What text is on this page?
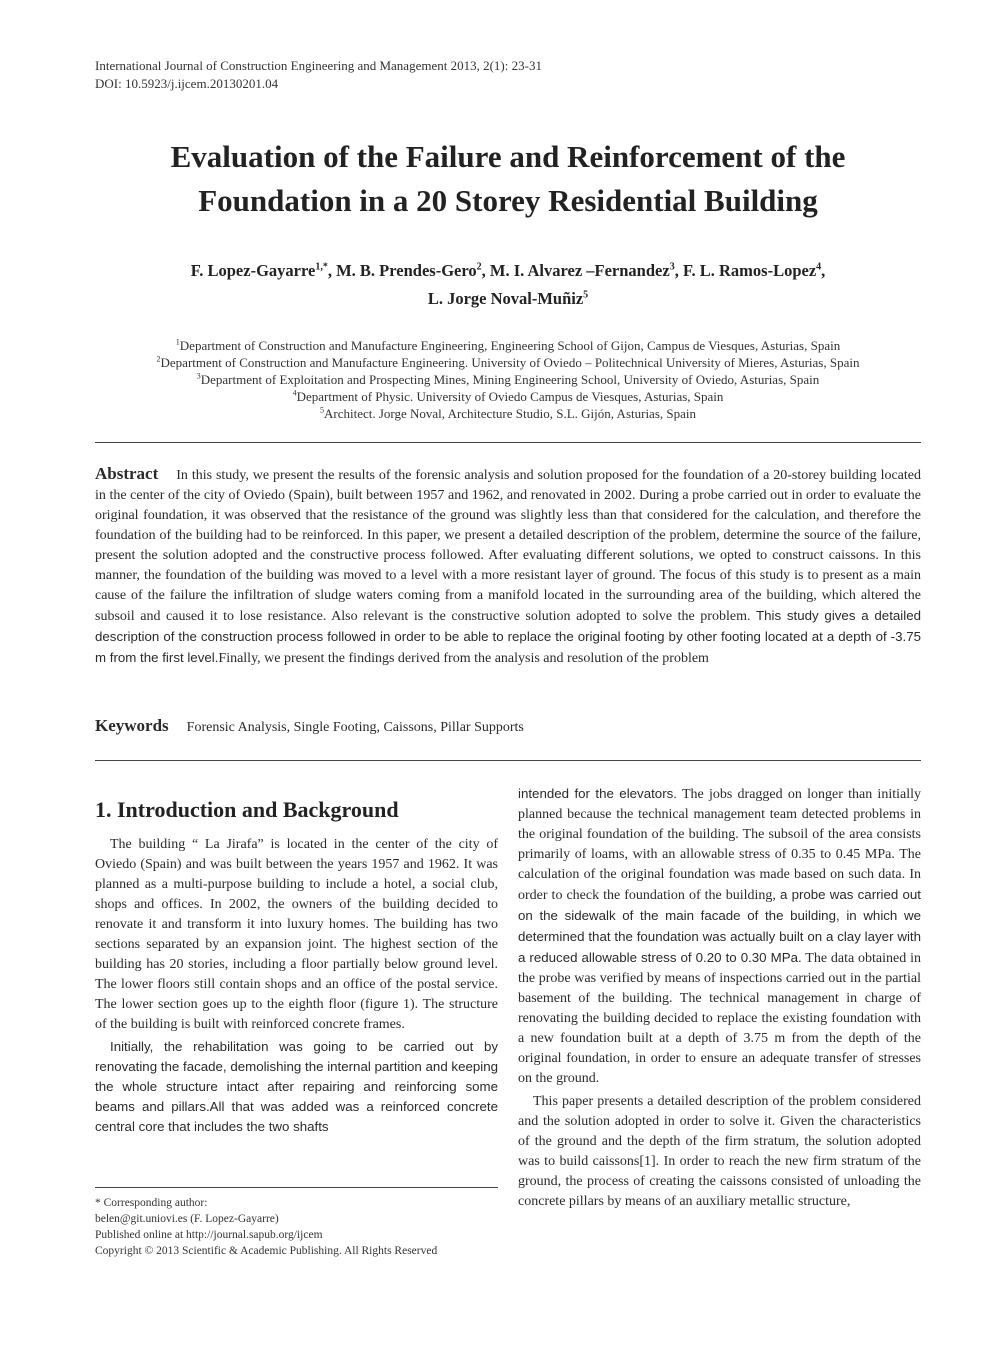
International Journal of Construction Engineering and Management 2013, 2(1): 23-31
DOI: 10.5923/j.ijcem.20130201.04
Evaluation of the Failure and Reinforcement of the
Foundation in a 20 Storey Residential Building
F. Lopez-Gayarre$^{1,*}$, M. B. Prendes-Gero$^2$, M. I. Alvarez –Fernandez$^3$, F. L. Ramos-Lopez$^4$,
L. Jorge Noval-Muñiz$^5$
$^1$Department of Construction and Manufacture Engineering, Engineering School of Gijon, Campus de Viesques, Asturias, Spain
$^2$Department of Construction and Manufacture Engineering. University of Oviedo – Politechnical University of Mieres, Asturias, Spain
$^3$Department of Exploitation and Prospecting Mines, Mining Engineering School, University of Oviedo, Asturias, Spain
$^4$Department of Physic. University of Oviedo Campus de Viesques, Asturias, Spain
$^5$Architect. Jorge Noval, Architecture Studio, S.L. Gijón, Asturias, Spain
Abstract In this study, we present the results of the forensic analysis and solution proposed for the foundation of a 20-storey building located in the center of the city of Oviedo (Spain), built between 1957 and 1962, and renovated in 2002. During a probe carried out in order to evaluate the original foundation, it was observed that the resistance of the ground was slightly less than that considered for the calculation, and therefore the foundation of the building had to be reinforced. In this paper, we present a detailed description of the problem, determine the source of the failure, present the solution adopted and the constructive process followed. After evaluating different solutions, we opted to construct caissons. In this manner, the foundation of the building was moved to a level with a more resistant layer of ground. The focus of this study is to present as a main cause of the failure the infiltration of sludge waters coming from a manifold located in the surrounding area of the building, which altered the subsoil and caused it to lose resistance. Also relevant is the constructive solution adopted to solve the problem. This study gives a detailed description of the construction process followed in order to be able to replace the original footing by other footing located at a depth of -3.75 m from the first level.Finally, we present the findings derived from the analysis and resolution of the problem
Keywords Forensic Analysis, Single Footing, Caissons, Pillar Supports
1. Introduction and Background

The building “ La Jirafa” is located in the center of the city of Oviedo (Spain) and was built between the years 1957 and 1962. It was planned as a multi-purpose building to include a hotel, a social club, shops and offices. In 2002, the owners of the building decided to renovate it and transform it into luxury homes. The building has two sections separated by an expansion joint. The highest section of the building has 20 stories, including a floor partially below ground level. The lower floors still contain shops and an office of the postal service. The lower section goes up to the eighth floor (figure 1). The structure of the building is built with reinforced concrete frames.

Initially, the rehabilitation was going to be carried out by renovating the facade, demolishing the internal partition and keeping the whole structure intact after repairing and reinforcing some beams and pillars.All that was added was a reinforced concrete central core that includes the two shafts

intended for the elevators. The jobs dragged on longer than initially planned because the technical management team detected problems in the original foundation of the building. The subsoil of the area consists primarily of loams, with an allowable stress of 0.35 to 0.45 MPa. The calculation of the original foundation was made based on such data. In order to check the foundation of the building, a probe was carried out on the sidewalk of the main facade of the building, in which we determined that the foundation was actually built on a clay layer with a reduced allowable stress of 0.20 to 0.30 MPa. The data obtained in the probe was verified by means of inspections carried out in the partial basement of the building. The technical management in charge of renovating the building decided to replace the existing foundation with a new foundation built at a depth of 3.75 m from the depth of the original foundation, in order to ensure an adequate transfer of stresses on the ground.

This paper presents a detailed description of the problem considered and the solution adopted in order to solve it. Given the characteristics of the ground and the depth of the firm stratum, the solution adopted was to build caissons[1]. In order to reach the new firm stratum of the ground, the process of creating the caissons consisted of unloading the concrete pillars by means of an auxiliary metallic structure,

* Corresponding author:
belen@git.uniovi.es (F. Lopez-Gayarre)
Published online at http://journal.sapub.org/ijcem
Copyright © 2013 Scientific & Academic Publishing. All Rights Reserved
